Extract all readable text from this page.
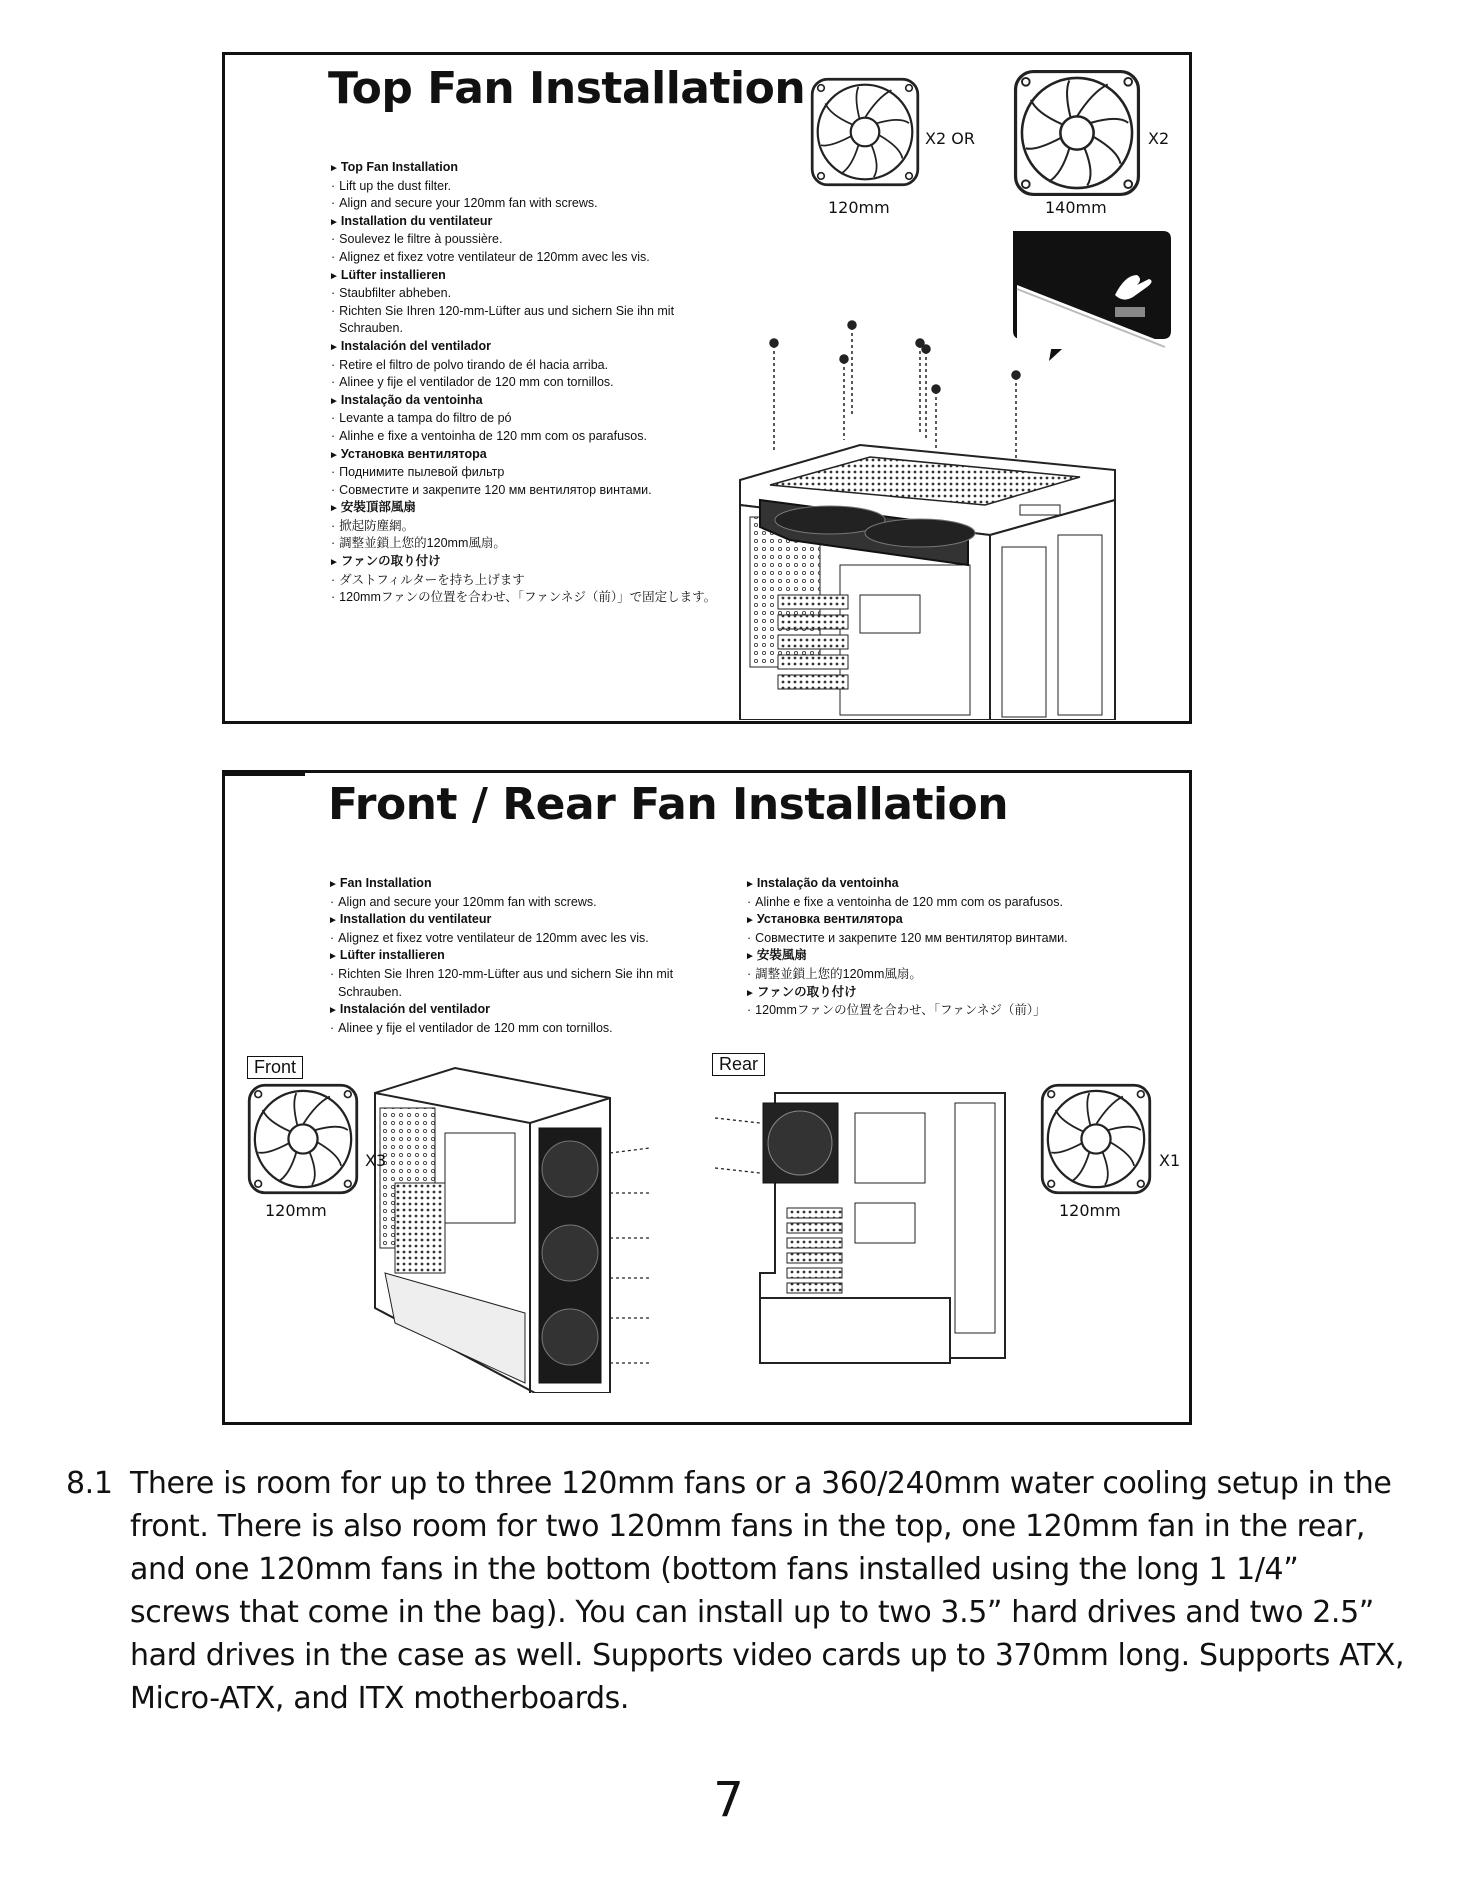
Top Fan Installation
► Top Fan Installation
· Lift up the dust filter.
· Align and secure your 120mm fan with screws.
► Installation du ventilateur
· Soulevez le filtre à poussière.
· Alignez et fixez votre ventilateur de 120mm avec les vis.
► Lüfter installieren
· Staubfilter abheben.
· Richten Sie Ihren 120-mm-Lüfter aus und sichern Sie ihn mit Schrauben.
► Instalación del ventilador
· Retire el filtro de polvo tirando de él hacia arriba.
· Alinee y fije el ventilador de 120 mm con tornillos.
► Instalação da ventoinha
· Levante a tampa do filtro de pó
· Alinhe e fixe a ventoinha de 120 mm com os parafusos.
► Установка вентилятора
· Поднимите пылевой фильтр
· Совместите и закрепите 120 мм вентилятор винтами.
► 安裝頂部風扇
· 掀起防塵網。
· 調整並鎖上您的120mm風扇。
► ファンの取り付け
· ダストフィルターを持ち上げます
· 120mmファンの位置を合わせ、「ファンネジ（前）」で固定します。
X2 OR
120mm
X2
140mm
Front / Rear Fan Installation
► Fan Installation
· Align and secure your 120mm fan with screws.
► Installation du ventilateur
· Alignez et fixez votre ventilateur de 120mm avec les vis.
► Lüfter installieren
· Richten Sie Ihren 120-mm-Lüfter aus und sichern Sie ihn mit Schrauben.
► Instalación del ventilador
· Alinee y fije el ventilador de 120 mm con tornillos.
► Instalação da ventoinha
· Alinhe e fixe a ventoinha de 120 mm com os parafusos.
► Установка вентилятора
· Совместите и закрепите 120 мм вентилятор винтами.
► 安裝風扇
· 調整並鎖上您的120mm風扇。
► ファンの取り付け
· 120mmファンの位置を合わせ、「ファンネジ（前）」
Front	Rear
X3
120mm
X1
120mm
8.1 There is room for up to three 120mm fans or a 360/240mm water cooling setup in the front. There is also room for two 120mm fans in the top, one 120mm fan in the rear, and one 120mm fans in the bottom (bottom fans installed using the long 1 1/4” screws that come in the bag). You can install up to two 3.5” hard drives and two 2.5” hard drives in the case as well. Supports video cards up to 370mm long. Supports ATX, Micro-ATX, and ITX motherboards.
7
